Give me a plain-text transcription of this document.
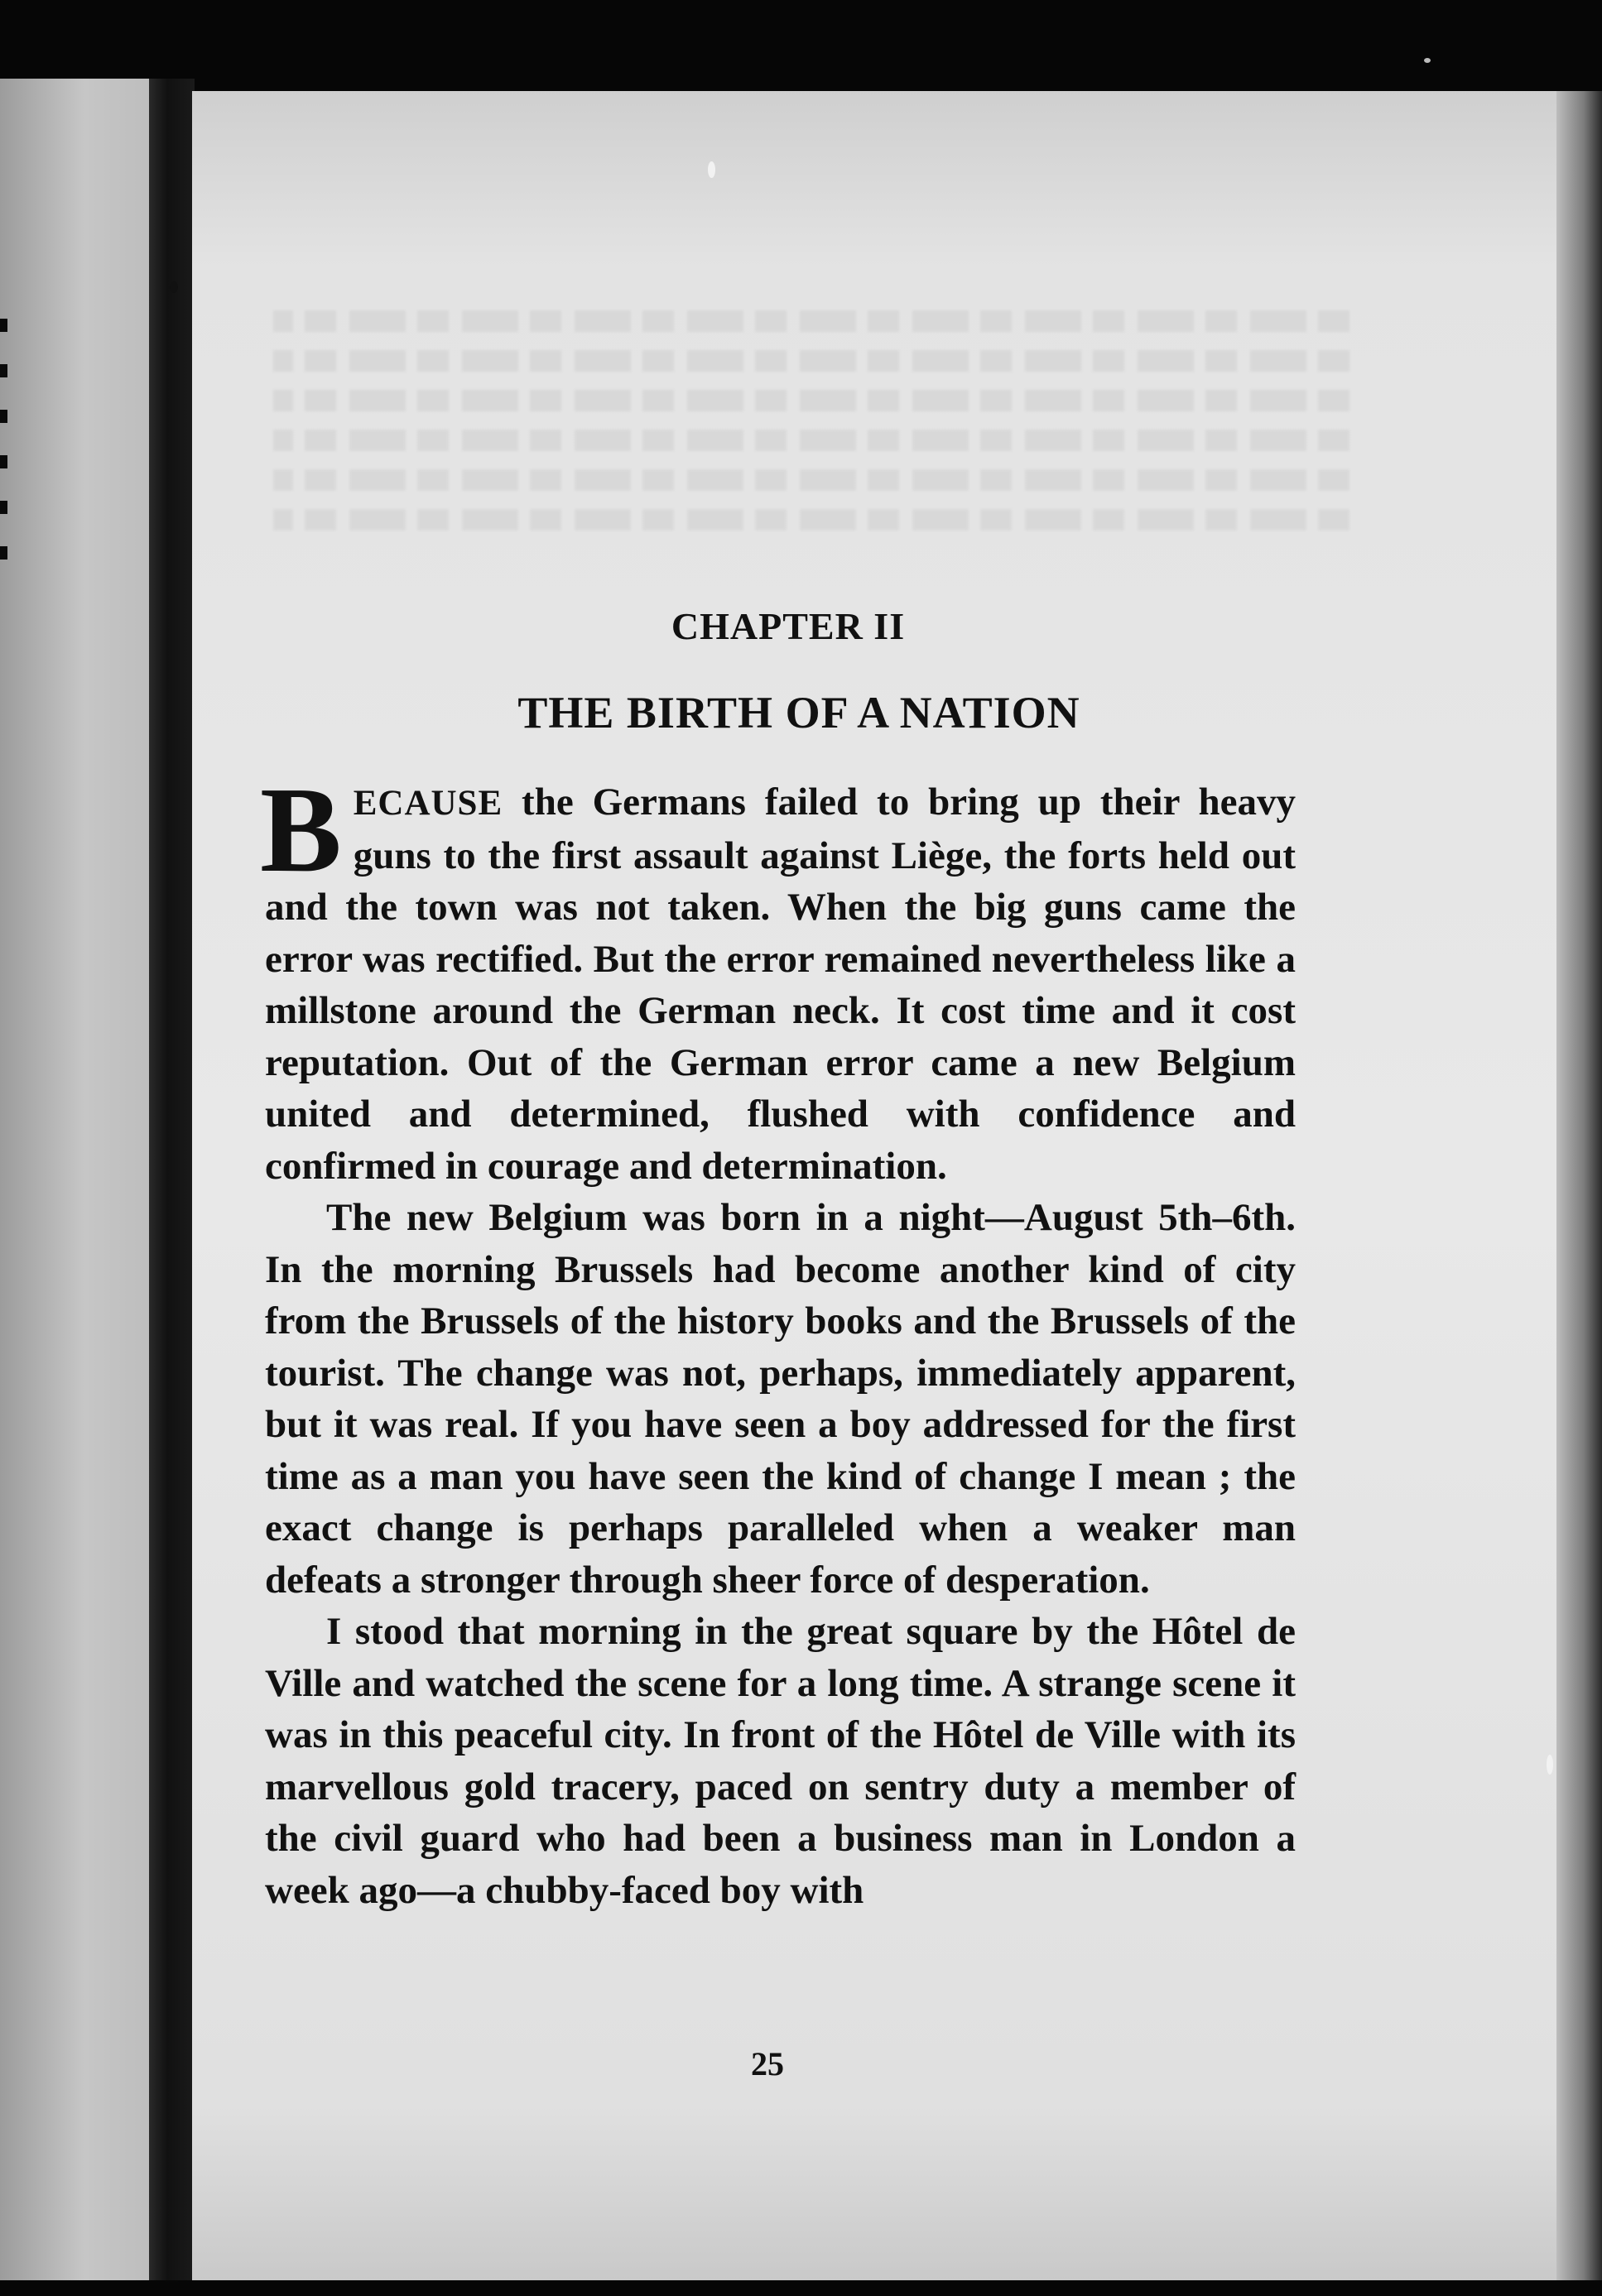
CHAPTER II
THE BIRTH OF A NATION

BECAUSE the Germans failed to bring up their heavy guns to the first assault against Liège, the forts held out and the town was not taken. When the big guns came the error was rectified. But the error remained nevertheless like a millstone around the German neck. It cost time and it cost reputation. Out of the German error came a new Belgium united and determined, flushed with confidence and confirmed in courage and determination.

The new Belgium was born in a night—August 5th–6th. In the morning Brussels had become another kind of city from the Brussels of the history books and the Brussels of the tourist. The change was not, perhaps, immediately apparent, but it was real. If you have seen a boy addressed for the first time as a man you have seen the kind of change I mean ; the exact change is perhaps paralleled when a weaker man defeats a stronger through sheer force of desperation.

I stood that morning in the great square by the Hôtel de Ville and watched the scene for a long time. A strange scene it was in this peaceful city. In front of the Hôtel de Ville with its marvellous gold tracery, paced on sentry duty a member of the civil guard who had been a business man in London a week ago—a chubby-faced boy with

25
